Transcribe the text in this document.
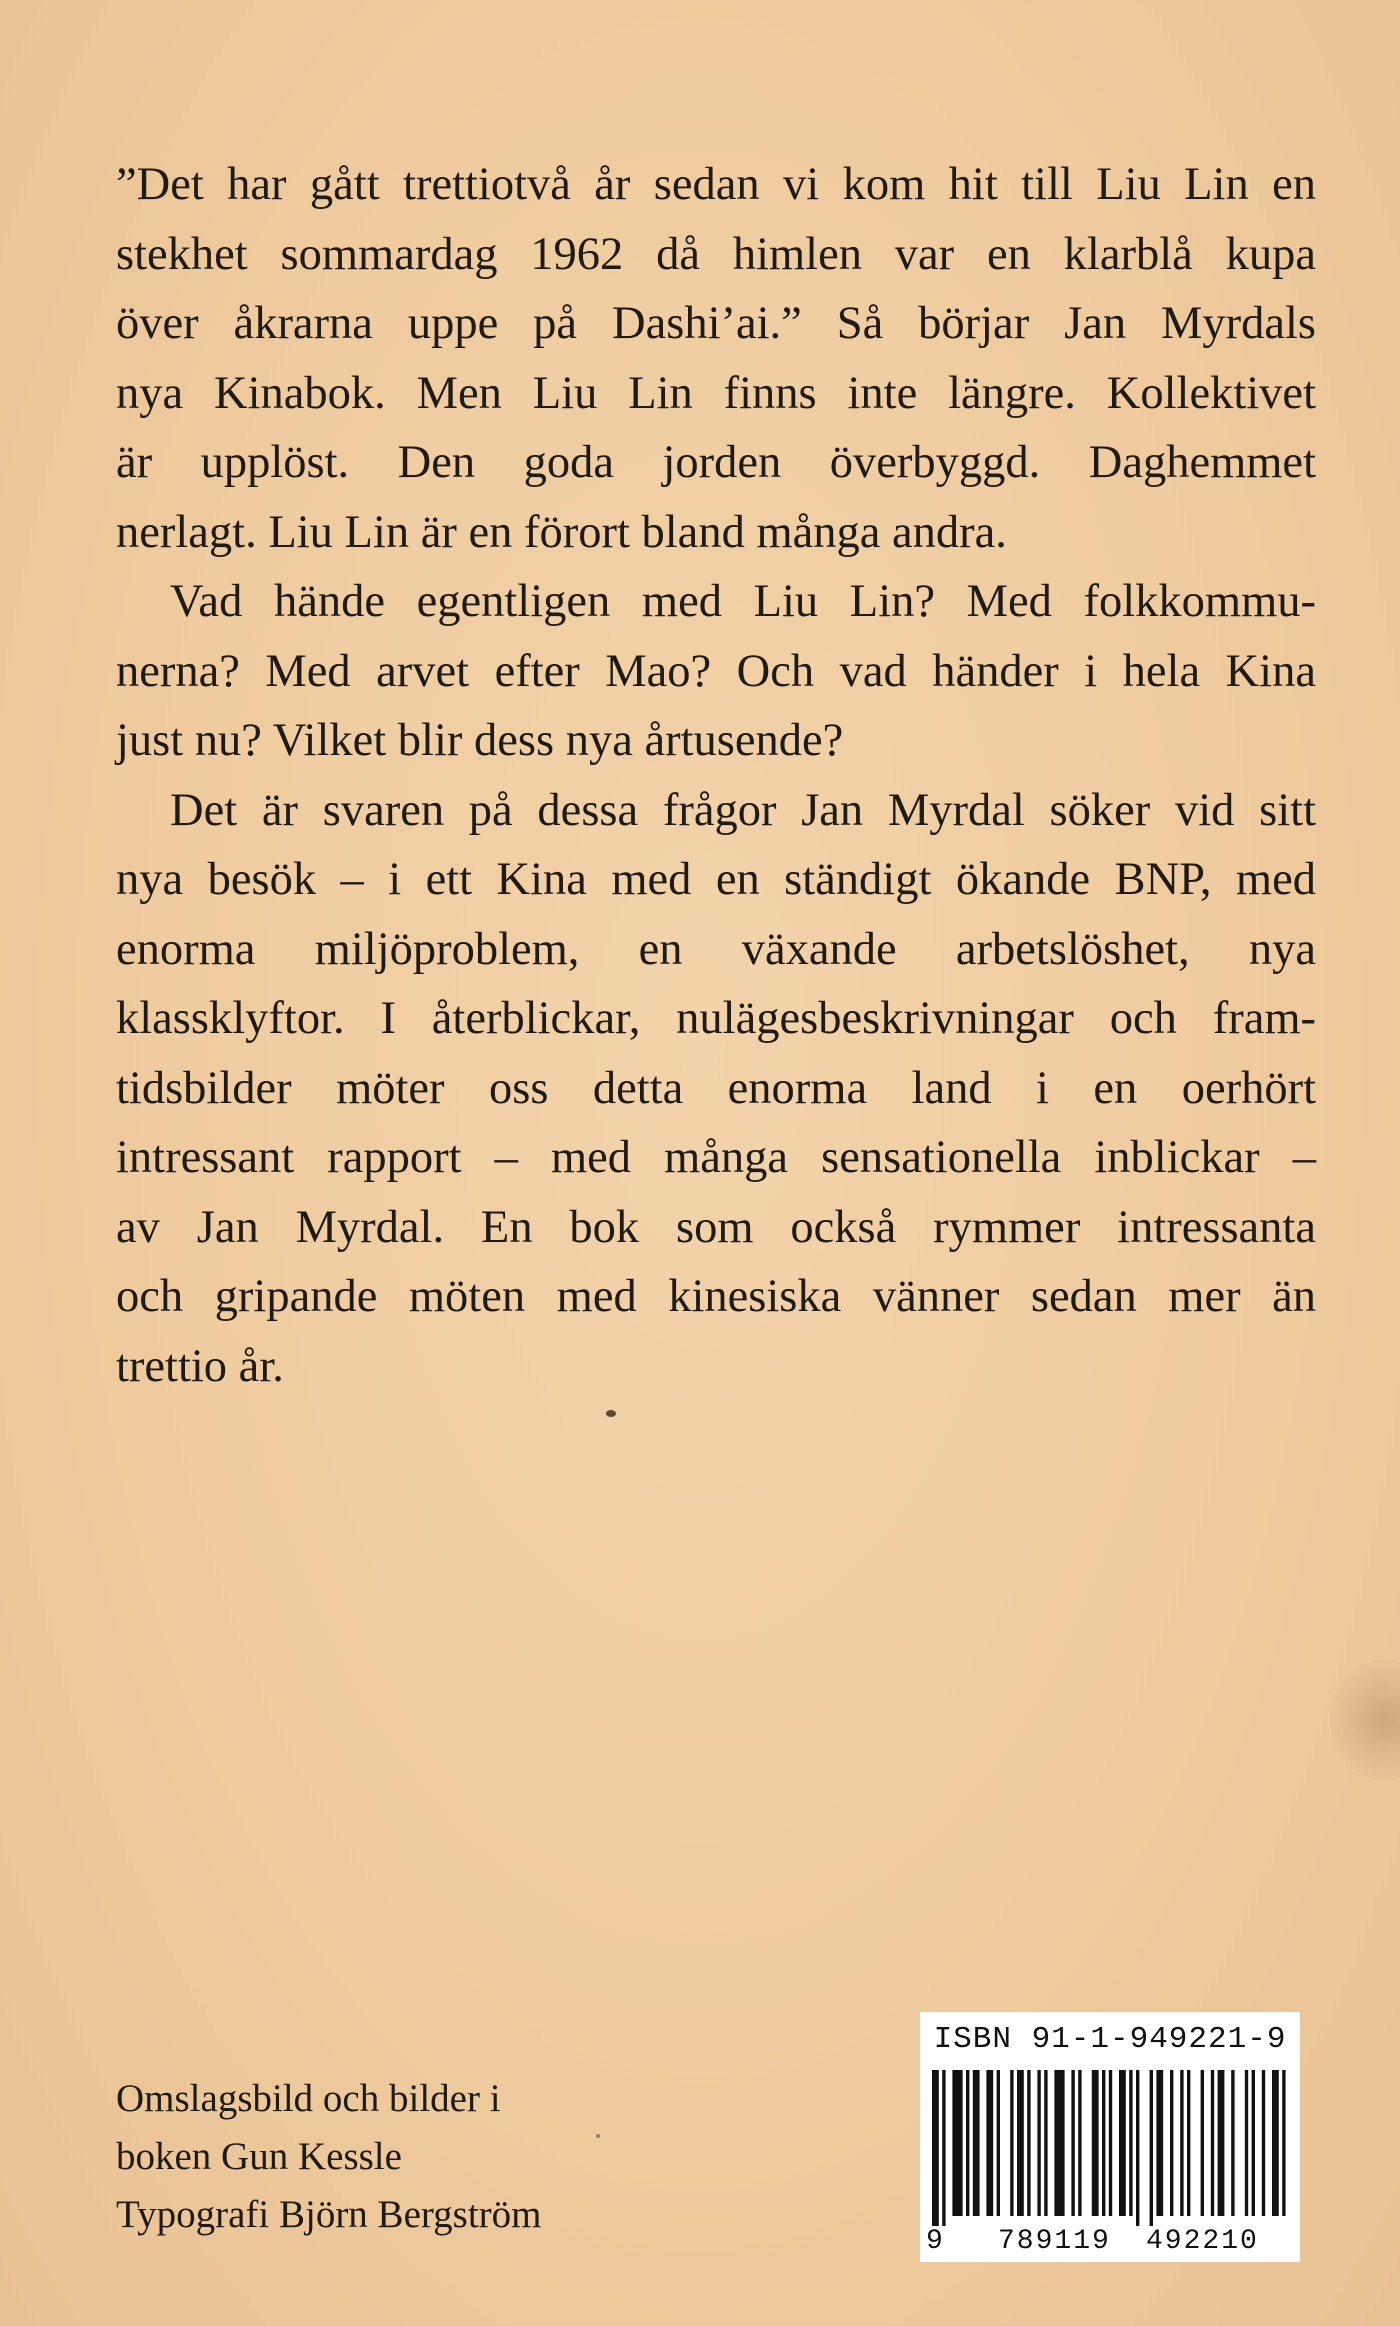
”Det har gått trettiotvå år sedan vi kom hit till Liu Lin en
stekhet sommardag 1962 då himlen var en klarblå kupa
över åkrarna uppe på Dashi’ai.” Så börjar Jan Myrdals
nya Kinabok. Men Liu Lin finns inte längre. Kollektivet
är upplöst. Den goda jorden överbyggd. Daghemmet
nerlagt. Liu Lin är en förort bland många andra.

Vad hände egentligen med Liu Lin? Med folkkommu-
nerna? Med arvet efter Mao? Och vad händer i hela Kina
just nu? Vilket blir dess nya årtusende?

Det är svaren på dessa frågor Jan Myrdal söker vid sitt
nya besök – i ett Kina med en ständigt ökande BNP, med
enorma miljöproblem, en växande arbetslöshet, nya
klassklyftor. I återblickar, nulägesbeskrivningar och fram-
tidsbilder möter oss detta enorma land i en oerhört
intressant rapport – med många sensationella inblickar –
av Jan Myrdal. En bok som också rymmer intressanta
och gripande möten med kinesiska vänner sedan mer än
trettio år.

Omslagsbild och bilder i
boken Gun Kessle
Typografi Björn Bergström
ISBN 91-1-949221-9
9 789119 492210
